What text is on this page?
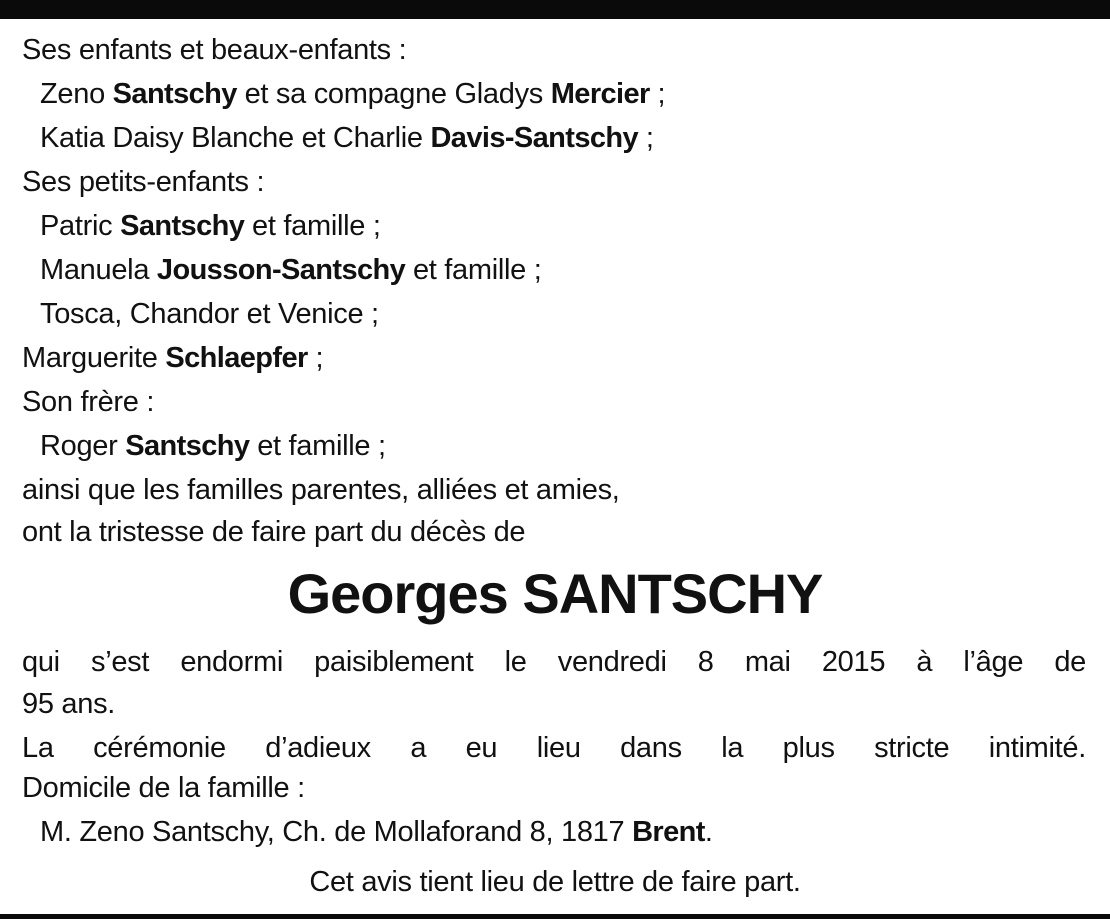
Ses enfants et beaux-enfants :
Zeno Santschy et sa compagne Gladys Mercier ;
Katia Daisy Blanche et Charlie Davis-Santschy ;
Ses petits-enfants :
Patric Santschy et famille ;
Manuela Jousson-Santschy et famille ;
Tosca, Chandor et Venice ;
Marguerite Schlaepfer ;
Son frère :
Roger Santschy et famille ;
ainsi que les familles parentes, alliées et amies,
ont la tristesse de faire part du décès de
Georges SANTSCHY
qui s’est endormi paisiblement le vendredi 8 mai 2015 à l’âge de
95 ans.
La cérémonie d’adieux a eu lieu dans la plus stricte intimité.
Domicile de la famille :
M. Zeno Santschy, Ch. de Mollaforand 8, 1817 Brent.
Cet avis tient lieu de lettre de faire part.
